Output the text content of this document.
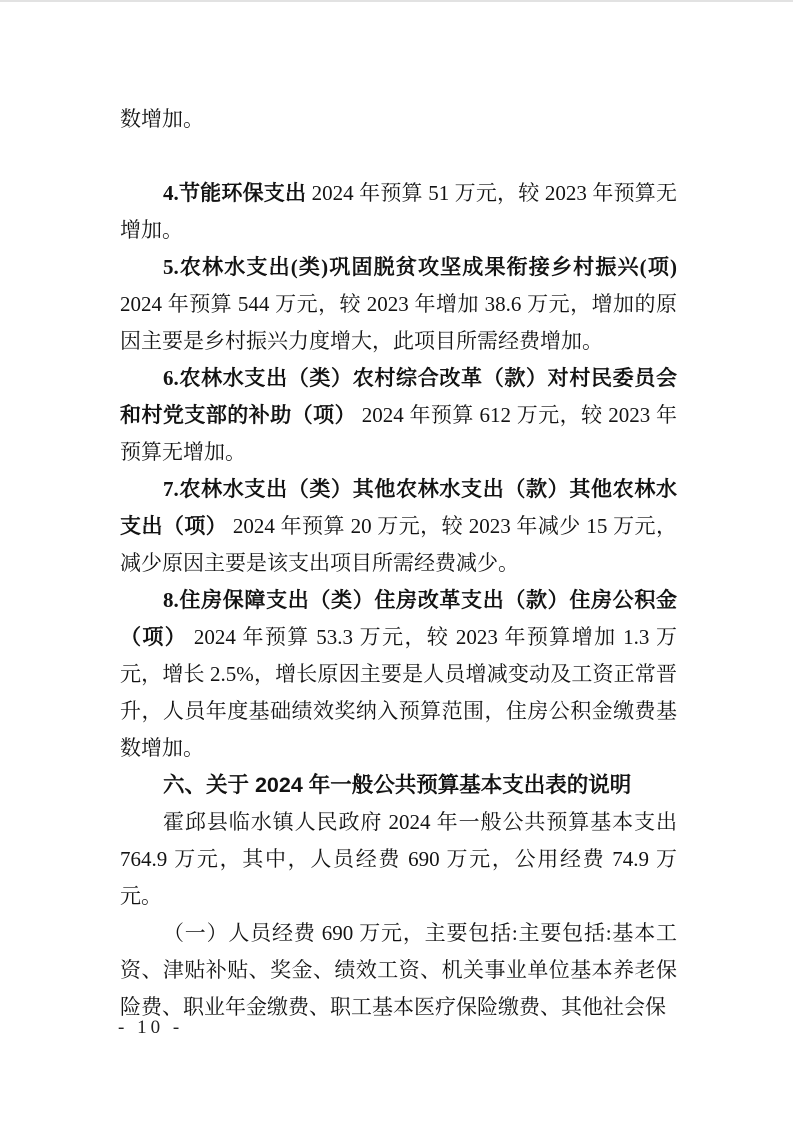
数增加。

4.节能环保支出 2024 年预算 51 万元，较 2023 年预算无增加。

5.农林水支出(类)巩固脱贫攻坚成果衔接乡村振兴(项) 2024 年预算 544 万元，较 2023 年增加 38.6 万元，增加的原因主要是乡村振兴力度增大，此项目所需经费增加。

6.农林水支出（类）农村综合改革（款）对村民委员会和村党支部的补助（项） 2024 年预算 612 万元，较 2023 年预算无增加。

7.农林水支出（类）其他农林水支出（款）其他农林水支出（项） 2024 年预算 20 万元，较 2023 年减少 15 万元，减少原因主要是该支出项目所需经费减少。

8.住房保障支出（类）住房改革支出（款）住房公积金（项） 2024 年预算 53.3 万元，较 2023 年预算增加 1.3 万元，增长 2.5%，增长原因主要是人员增减变动及工资正常晋升，人员年度基础绩效奖纳入预算范围，住房公积金缴费基数增加。

六、关于 2024 年一般公共预算基本支出表的说明

霍邱县临水镇人民政府 2024 年一般公共预算基本支出 764.9 万元，其中，人员经费 690 万元，公用经费 74.9 万元。

（一）人员经费 690 万元，主要包括:主要包括:基本工资、津贴补贴、奖金、绩效工资、机关事业单位基本养老保险费、职业年金缴费、职工基本医疗保险缴费、其他社会保

- 10 -
